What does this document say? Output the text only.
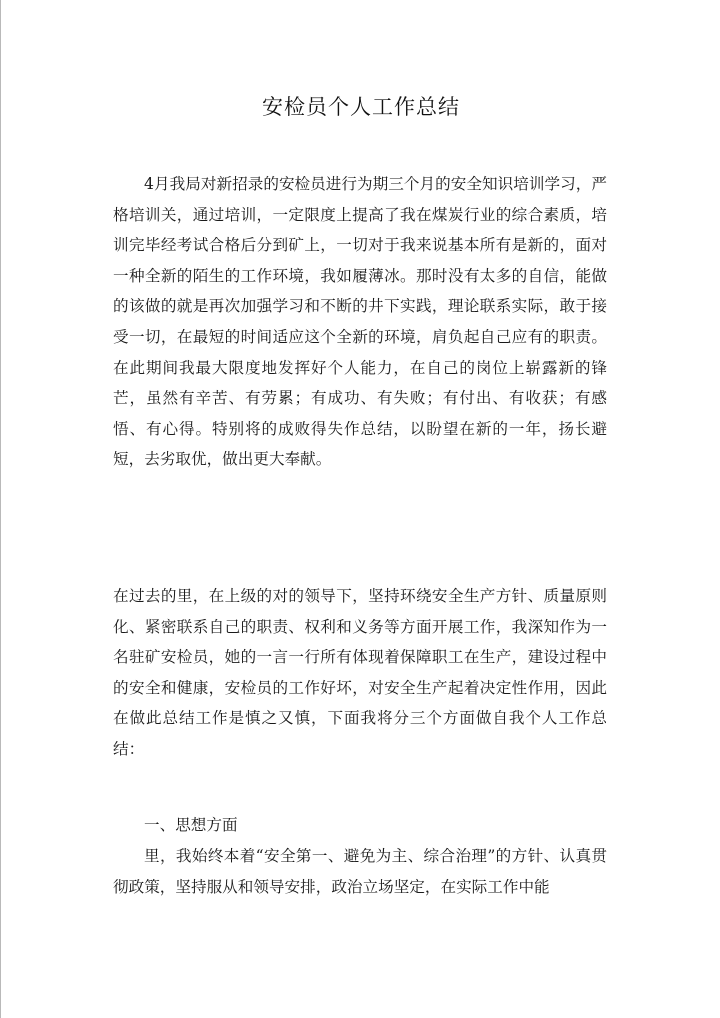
安检员个人工作总结

4月我局对新招录的安检员进行为期三个月的安全知识培训学习，严格培训关，通过培训，一定限度上提高了我在煤炭行业的综合素质，培训完毕经考试合格后分到矿上，一切对于我来说基本所有是新的，面对一种全新的陌生的工作环境，我如履薄冰。那时没有太多的自信，能做的该做的就是再次加强学习和不断的井下实践，理论联系实际，敢于接受一切，在最短的时间适应这个全新的环境，肩负起自己应有的职责。在此期间我最大限度地发挥好个人能力，在自己的岗位上崭露新的锋芒，虽然有辛苦、有劳累；有成功、有失败；有付出、有收获；有感悟、有心得。特别将的成败得失作总结，以盼望在新的一年，扬长避短，去劣取优，做出更大奉献。

在过去的里，在上级的对的领导下，坚持环绕安全生产方针、质量原则化、紧密联系自己的职责、权利和义务等方面开展工作，我深知作为一名驻矿安检员，她的一言一行所有体现着保障职工在生产，建设过程中的安全和健康，安检员的工作好坏，对安全生产起着决定性作用，因此在做此总结工作是慎之又慎，下面我将分三个方面做自我个人工作总结：

一、思想方面

里，我始终本着“安全第一、避免为主、综合治理”的方针、认真贯彻政策，坚持服从和领导安排，政治立场坚定，在实际工作中能
